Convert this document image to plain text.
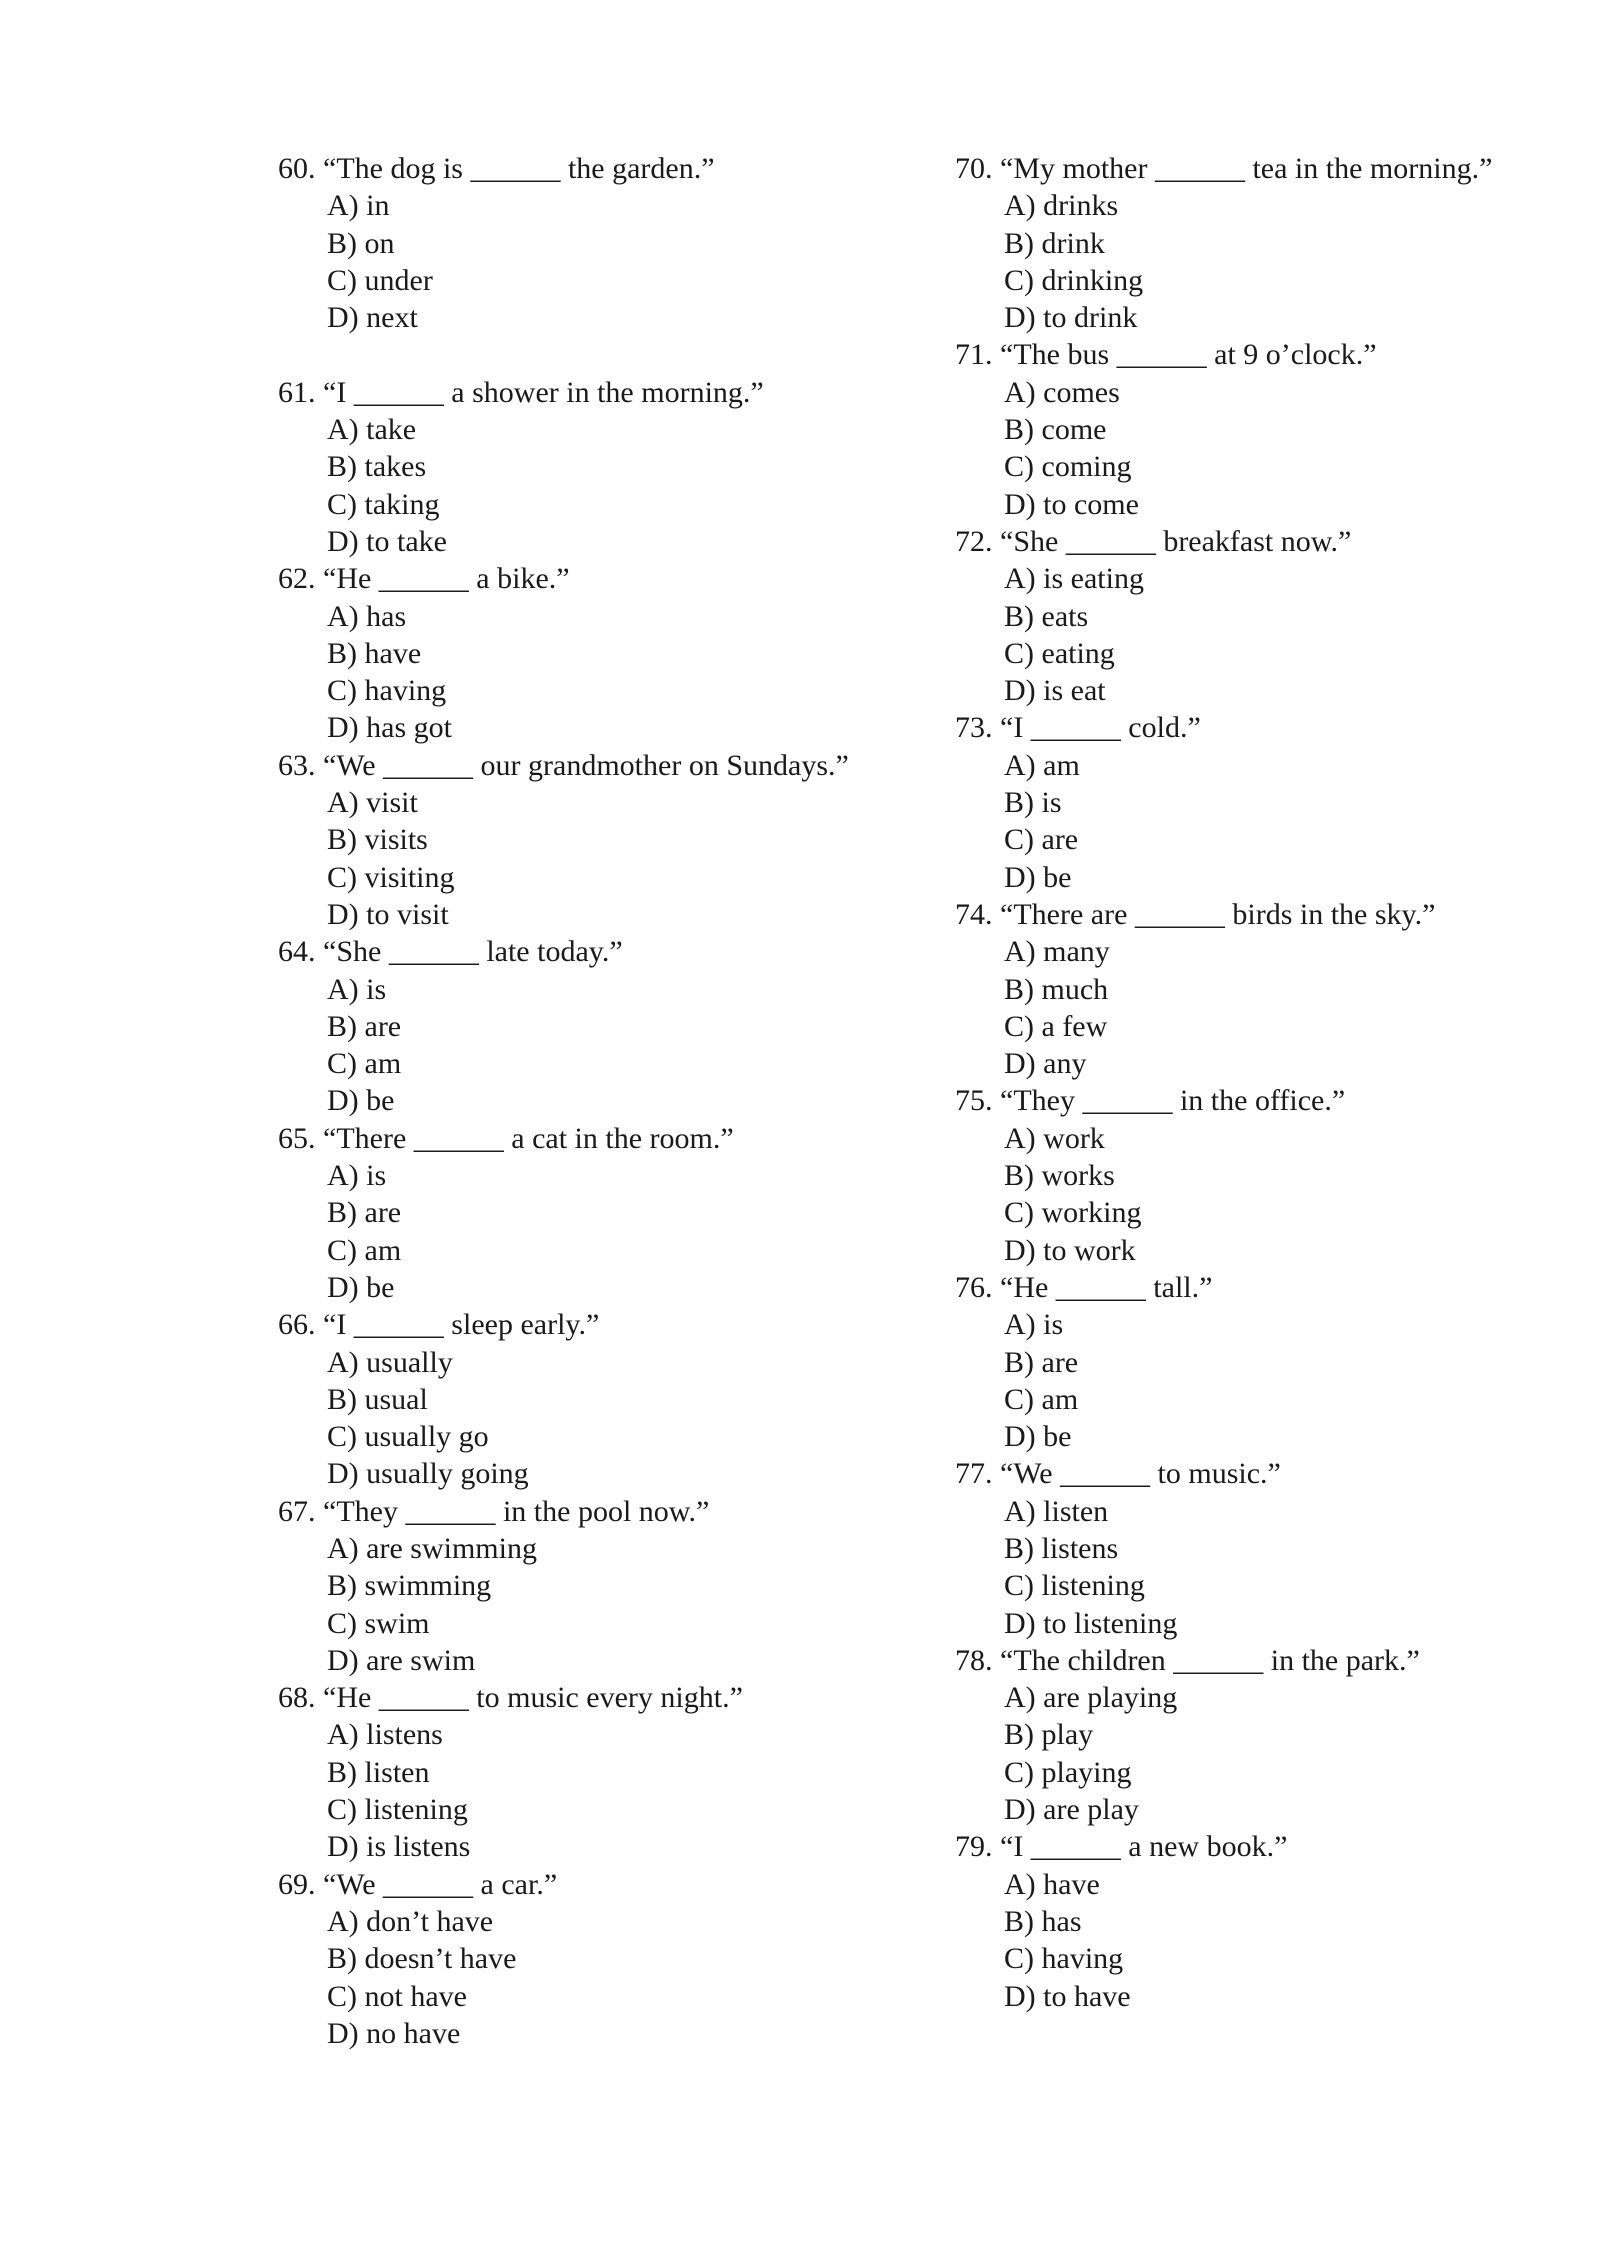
60. “The dog is ______ the garden.”
A) in
B) on
C) under
D) next
61. “I ______ a shower in the morning.”
A) take
B) takes
C) taking
D) to take
62. “He ______ a bike.”
A) has
B) have
C) having
D) has got
63. “We ______ our grandmother on Sundays.”
A) visit
B) visits
C) visiting
D) to visit
64. “She ______ late today.”
A) is
B) are
C) am
D) be
65. “There ______ a cat in the room.”
A) is
B) are
C) am
D) be
66. “I ______ sleep early.”
A) usually
B) usual
C) usually go
D) usually going
67. “They ______ in the pool now.”
A) are swimming
B) swimming
C) swim
D) are swim
68. “He ______ to music every night.”
A) listens
B) listen
C) listening
D) is listens
69. “We ______ a car.”
A) don’t have
B) doesn’t have
C) not have
D) no have
70. “My mother ______ tea in the morning.”
A) drinks
B) drink
C) drinking
D) to drink
71. “The bus ______ at 9 o’clock.”
A) comes
B) come
C) coming
D) to come
72. “She ______ breakfast now.”
A) is eating
B) eats
C) eating
D) is eat
73. “I ______ cold.”
A) am
B) is
C) are
D) be
74. “There are ______ birds in the sky.”
A) many
B) much
C) a few
D) any
75. “They ______ in the office.”
A) work
B) works
C) working
D) to work
76. “He ______ tall.”
A) is
B) are
C) am
D) be
77. “We ______ to music.”
A) listen
B) listens
C) listening
D) to listening
78. “The children ______ in the park.”
A) are playing
B) play
C) playing
D) are play
79. “I ______ a new book.”
A) have
B) has
C) having
D) to have
